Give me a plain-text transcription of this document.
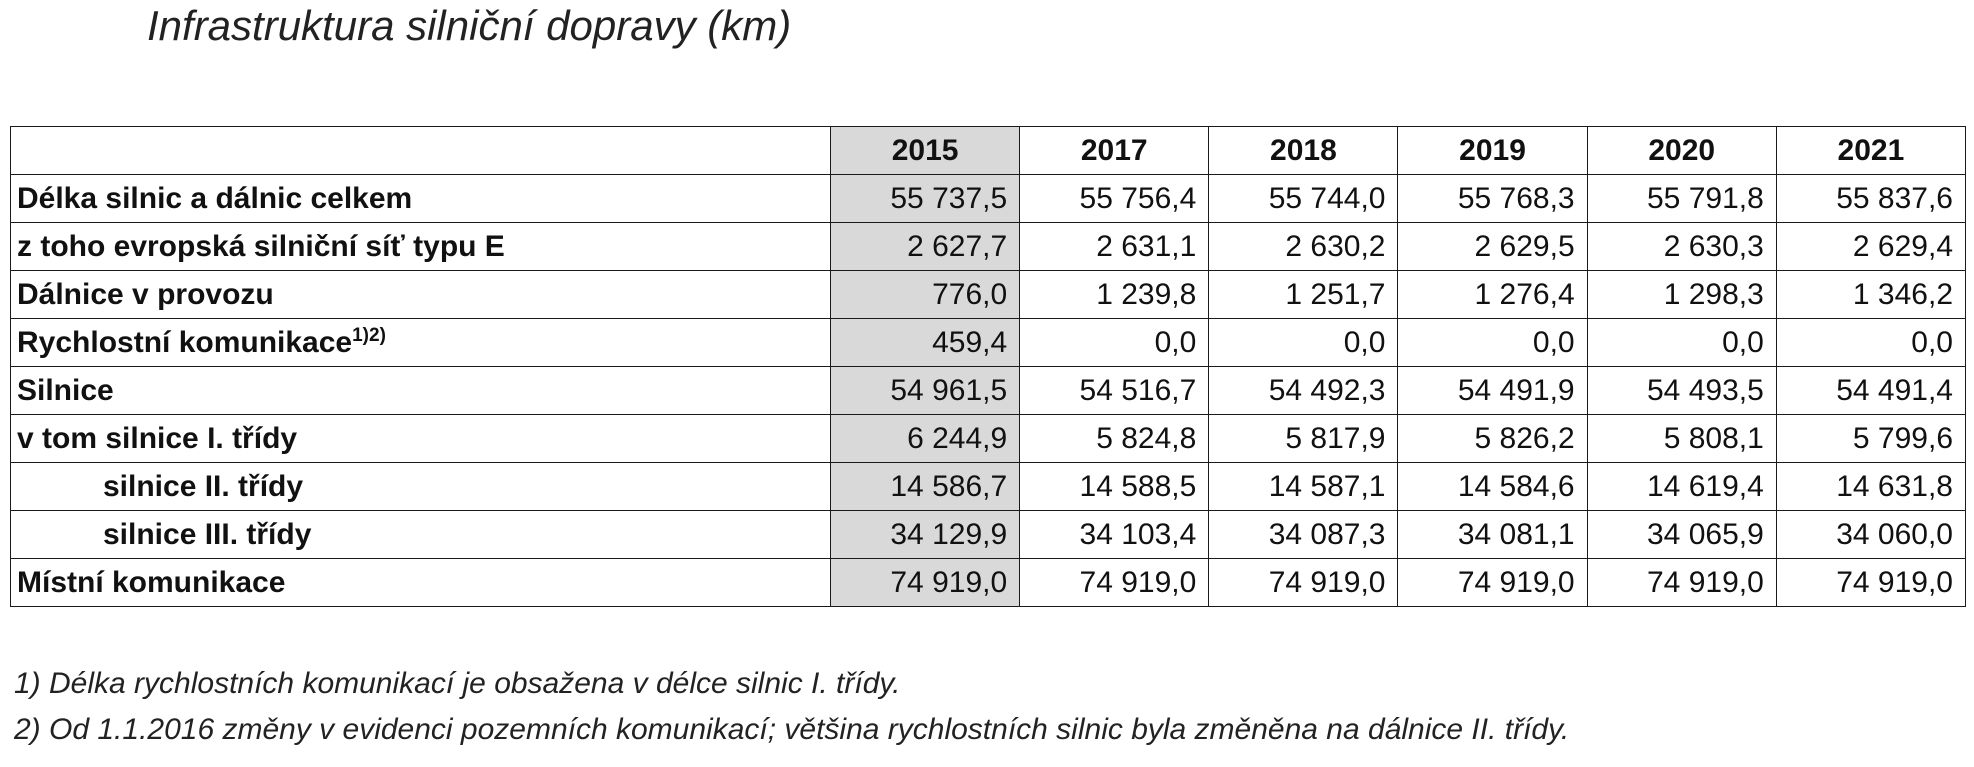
Infrastruktura silniční dopravy (km)
	2015	2017	2018	2019	2020	2021
Délka silnic a dálnic celkem	55 737,5	55 756,4	55 744,0	55 768,3	55 791,8	55 837,6
z toho evropská silniční síť typu E	2 627,7	2 631,1	2 630,2	2 629,5	2 630,3	2 629,4
Dálnice v provozu	776,0	1 239,8	1 251,7	1 276,4	1 298,3	1 346,2
Rychlostní komunikace$^{1)2)}$	459,4	0,0	0,0	0,0	0,0	0,0
Silnice	54 961,5	54 516,7	54 492,3	54 491,9	54 493,5	54 491,4
v tom silnice I. třídy	6 244,9	5 824,8	5 817,9	5 826,2	5 808,1	5 799,6
silnice II. třídy	14 586,7	14 588,5	14 587,1	14 584,6	14 619,4	14 631,8
silnice III. třídy	34 129,9	34 103,4	34 087,3	34 081,1	34 065,9	34 060,0
Místní komunikace	74 919,0	74 919,0	74 919,0	74 919,0	74 919,0	74 919,0
1) Délka rychlostních komunikací je obsažena v délce silnic I. třídy.
2) Od 1.1.2016 změny v evidenci pozemních komunikací; většina rychlostních silnic byla změněna na dálnice II. třídy.
